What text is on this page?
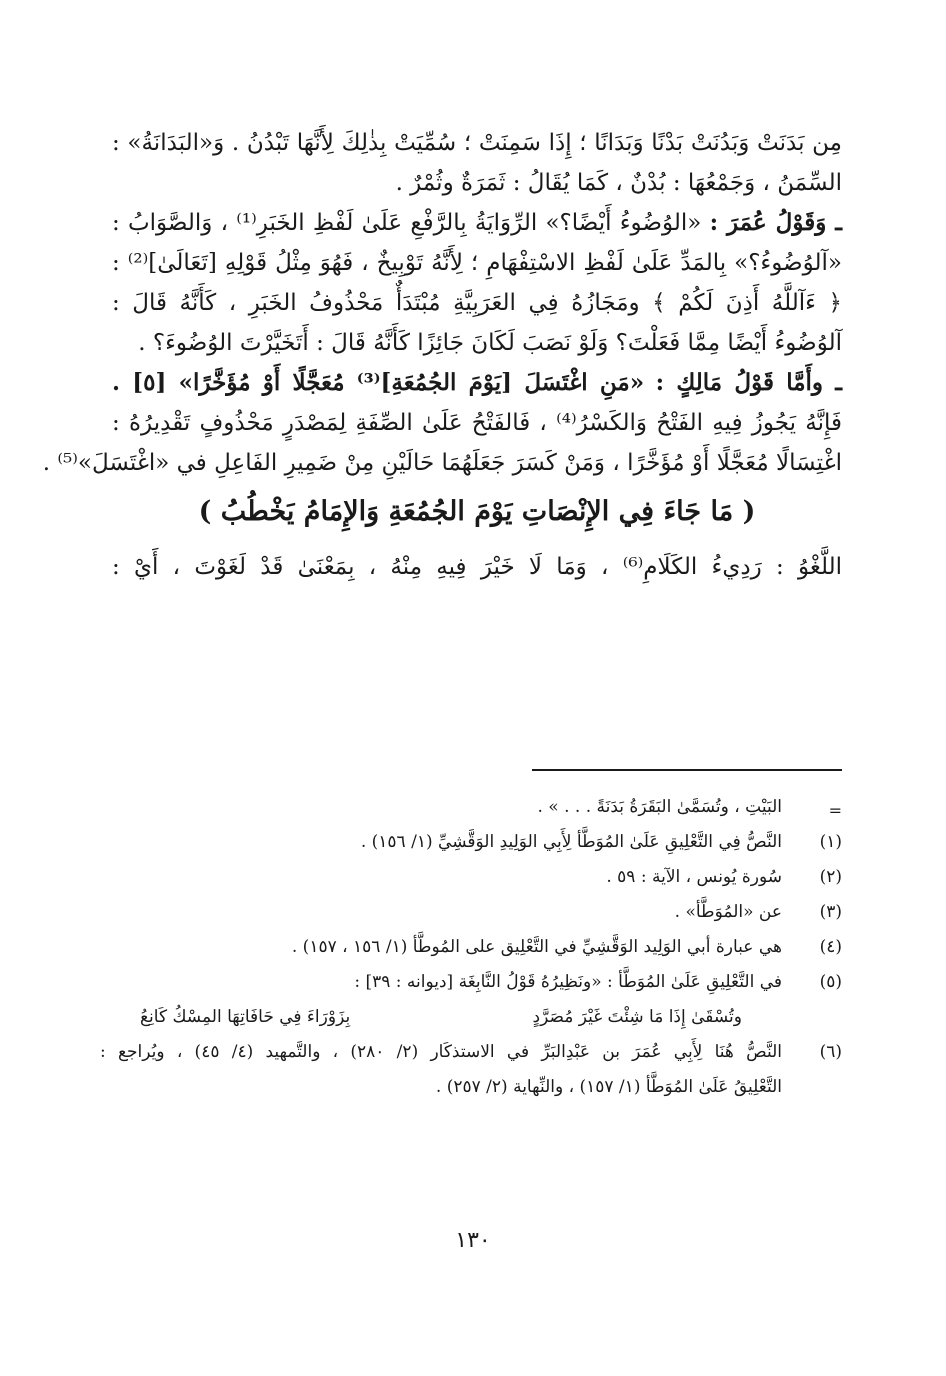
مِن بَدَنَتْ وَبَدُنَتْ بَدْنًا وَبَدَانًا ؛ إِذَا سَمِنَتْ ؛ سُمِّيَتْ بِذٰلِكَ لِأَنَّهَا تَبْدُنُ . وَ«البَدَانَةُ» :
السِّمَنُ ، وَجَمْعُهَا : بُدْنٌ ، كَمَا يُقَالُ : ثَمَرَةٌ وثُمْرٌ .
ـ وَقَوْلُ عُمَرَ : «الوُضُوءُ أَيْضًا؟» الرِّوَايَةُ بِالرَّفْعِ عَلَىٰ لَفْظِ الخَبَرِ⁽¹⁾ ، وَالصَّوَابُ :
«آلوُضُوءُ؟» بِالمَدِّ عَلَىٰ لَفْظِ الاسْتِفْهَامِ ؛ لِأَنَّهُ تَوْبِيخٌ ، فَهُوَ مِثْلُ قَوْلِهِ [تَعَالَىٰ]⁽²⁾ :
﴿ ءَآللَّهُ أَذِنَ لَكُمْ ﴾ ومَجَازُهُ فِي العَرَبِيَّةِ مُبْتَدَأٌ مَحْذُوفُ الخَبَرِ ، كَأَنَّهُ قَالَ :
آلوُضُوءُ أَيْضًا مِمَّا فَعَلْتَ؟ وَلَوْ نَصَبَ لَكَانَ جَائِزًا كَأَنَّهُ قَالَ : أَتَخَيَّرْتَ الوُضُوءَ؟ .
ـ وأَمَّا قَوْلُ مَالِكٍ : «مَنِ اغْتَسَلَ [يَوْمَ الجُمُعَةِ]⁽³⁾ مُعَجَّلًا أَوْ مُؤَخَّرًا» [٥] .
فَإِنَّهُ يَجُوزُ فِيهِ الفَتْحُ وَالكَسْرُ⁽⁴⁾ ، فَالفَتْحُ عَلَىٰ الصِّفَةِ لِمَصْدَرٍ مَحْذُوفٍ تَقْدِيرُهُ :
اغْتِسَالًا مُعَجَّلًا أَوْ مُؤَخَّرًا ، وَمَنْ كَسَرَ جَعَلَهُمَا حَالَيْنِ مِنْ ضَمِيرِ الفَاعِلِ في «اغْتَسَلَ»⁽⁵⁾ .
( مَا جَاءَ فِي الإِنْصَاتِ يَوْمَ الجُمُعَةِ وَالإِمَامُ يَخْطُبُ )
اللَّغْوُ : رَدِيءُ الكَلَامِ⁽⁶⁾ ، وَمَا لَا خَيْرَ فِيهِ مِنْهُ ، بِمَعْنَىٰ قَدْ لَغَوْتَ ، أَيْ :
=
البَيْتِ ، وتُسَمَّىٰ البَقَرَةُ بَدَنَةً . . . » .
(١)
النَّصُّ فِي التَّعْلِيقِ عَلَىٰ المُوَطَّأ لِأَبِي الوَلِيدِ الوَقَّشِيِّ (١/ ١٥٦) .
(٢)
سُورة يُونس ، الآية : ٥٩ .
(٣)
عن «المُوَطَّأ» .
(٤)
هي عبارة أبي الوَلِيد الوَقَّشِيِّ في التَّعْلِيق على المُوطَّأ (١/ ١٥٦ ، ١٥٧) .
(٥)
في التَّعْلِيقِ عَلَىٰ المُوَطَّأ : «ونَظِيرُهُ قَوْلُ النَّابِغَة [ديوانه : ٣٩] :
وتُسْقَىٰ إِذَا مَا شِئْتَ غَيْرَ مُصَرَّدٍ
بِزَوْرَاءَ فِي حَافَاتِهَا المِسْكُ كَانِعُ
(٦)
النَّصُّ هُنَا لِأَبِي عُمَرَ بن عَبْدِالبَرِّ في الاستذكَار (٢/ ٢٨٠) ، والتَّمهيد (٤/ ٤٥) ، ويُراجع :
التَّعْلِيقُ عَلَىٰ المُوَطَّأ (١/ ١٥٧) ، والنِّهاية (٢/ ٢٥٧) .
١٣٠
